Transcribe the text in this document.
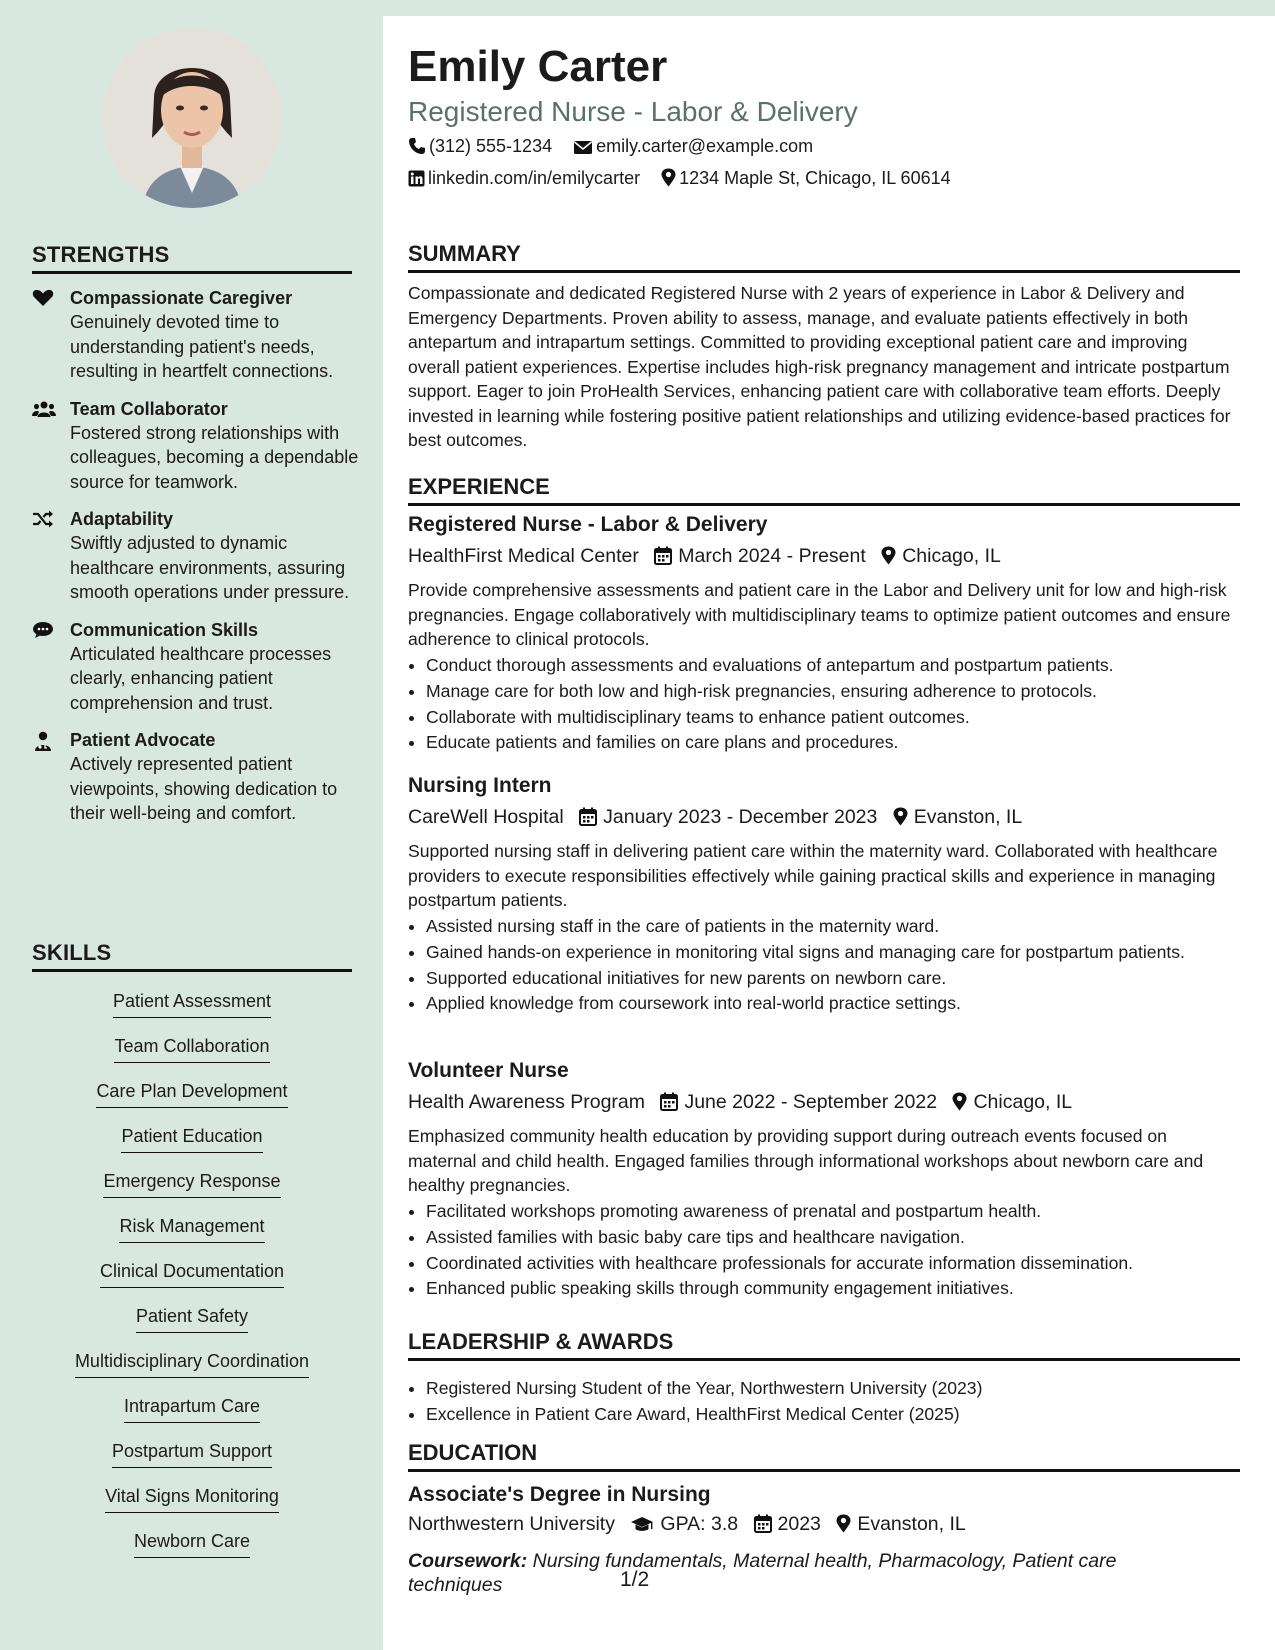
STRENGTHS
Compassionate Caregiver
Genuinely devoted time to understanding patient's needs, resulting in heartfelt connections.
Team Collaborator
Fostered strong relationships with colleagues, becoming a dependable source for teamwork.
Adaptability
Swiftly adjusted to dynamic healthcare environments, assuring smooth operations under pressure.
Communication Skills
Articulated healthcare processes clearly, enhancing patient comprehension and trust.
Patient Advocate
Actively represented patient viewpoints, showing dedication to their well-being and comfort.
SKILLS
Patient Assessment
Team Collaboration
Care Plan Development
Patient Education
Emergency Response
Risk Management
Clinical Documentation
Patient Safety
Multidisciplinary Coordination
Intrapartum Care
Postpartum Support
Vital Signs Monitoring
Newborn Care
Emily Carter
Registered Nurse - Labor & Delivery
(312) 555-1234 emily.carter@example.com
linkedin.com/in/emilycarter 1234 Maple St, Chicago, IL 60614
SUMMARY
Compassionate and dedicated Registered Nurse with 2 years of experience in Labor & Delivery and Emergency Departments. Proven ability to assess, manage, and evaluate patients effectively in both antepartum and intrapartum settings. Committed to providing exceptional patient care and improving overall patient experiences. Expertise includes high-risk pregnancy management and intricate postpartum support. Eager to join ProHealth Services, enhancing patient care with collaborative team efforts. Deeply invested in learning while fostering positive patient relationships and utilizing evidence-based practices for best outcomes.
EXPERIENCE
Registered Nurse - Labor & Delivery
HealthFirst Medical Center March 2024 - Present Chicago, IL
Provide comprehensive assessments and patient care in the Labor and Delivery unit for low and high-risk pregnancies. Engage collaboratively with multidisciplinary teams to optimize patient outcomes and ensure adherence to clinical protocols.
• Conduct thorough assessments and evaluations of antepartum and postpartum patients.
• Manage care for both low and high-risk pregnancies, ensuring adherence to protocols.
• Collaborate with multidisciplinary teams to enhance patient outcomes.
• Educate patients and families on care plans and procedures.
Nursing Intern
CareWell Hospital January 2023 - December 2023 Evanston, IL
Supported nursing staff in delivering patient care within the maternity ward. Collaborated with healthcare providers to execute responsibilities effectively while gaining practical skills and experience in managing postpartum patients.
• Assisted nursing staff in the care of patients in the maternity ward.
• Gained hands-on experience in monitoring vital signs and managing care for postpartum patients.
• Supported educational initiatives for new parents on newborn care.
• Applied knowledge from coursework into real-world practice settings.
Volunteer Nurse
Health Awareness Program June 2022 - September 2022 Chicago, IL
Emphasized community health education by providing support during outreach events focused on maternal and child health. Engaged families through informational workshops about newborn care and healthy pregnancies.
• Facilitated workshops promoting awareness of prenatal and postpartum health.
• Assisted families with basic baby care tips and healthcare navigation.
• Coordinated activities with healthcare professionals for accurate information dissemination.
• Enhanced public speaking skills through community engagement initiatives.
LEADERSHIP & AWARDS
• Registered Nursing Student of the Year, Northwestern University (2023)
• Excellence in Patient Care Award, HealthFirst Medical Center (2025)
EDUCATION
Associate's Degree in Nursing
Northwestern University GPA: 3.8 2023 Evanston, IL
Coursework: Nursing fundamentals, Maternal health, Pharmacology, Patient care techniques	1/2
